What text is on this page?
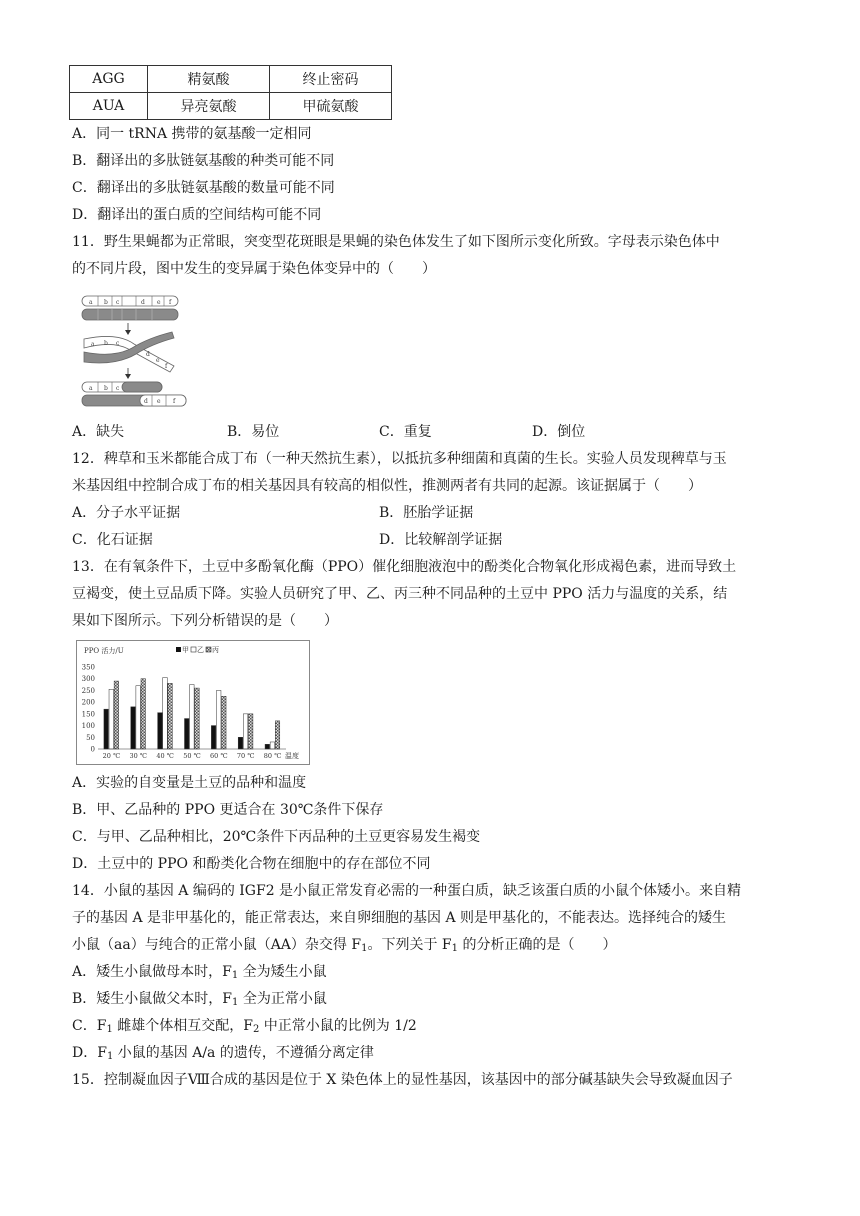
AGG	精氨酸	终止密码
AUA	异亮氨酸	甲硫氨酸
A．同一 tRNA 携带的氨基酸一定相同
B．翻译出的多肽链氨基酸的种类可能不同
C．翻译出的多肽链氨基酸的数量可能不同
D．翻译出的蛋白质的空间结构可能不同
11．野生果蝇都为正常眼，突变型花斑眼是果蝇的染色体发生了如下图所示变化所致。字母表示染色体中
的不同片段，图中发生的变异属于染色体变异中的（　　）
a b c	d e f
a b c
d
e
f
a b c
d e f
A．缺失	B．易位	C．重复	D．倒位
12．稗草和玉米都能合成丁布（一种天然抗生素），以抵抗多种细菌和真菌的生长。实验人员发现稗草与玉
米基因组中控制合成丁布的相关基因具有较高的相似性，推测两者有共同的起源。该证据属于（　　）
A．分子水平证据	B．胚胎学证据
C．化石证据	D．比较解剖学证据
13．在有氧条件下，土豆中多酚氧化酶（PPO）催化细胞液泡中的酚类化合物氧化形成褐色素，进而导致土
豆褐变，使土豆品质下降。实验人员研究了甲、乙、丙三种不同品种的土豆中 PPO 活力与温度的关系，结
果如下图所示。下列分析错误的是（　　）
PPO 活力/U	甲 乙 丙
350
300
250
200
150
100
50
0
20 ℃ 30 ℃ 40 ℃ 50 ℃ 60 ℃ 70 ℃ 80 ℃ 温度
A．实验的自变量是土豆的品种和温度
B．甲、乙品种的 PPO 更适合在 30℃条件下保存
C．与甲、乙品种相比，20℃条件下丙品种的土豆更容易发生褐变
D．土豆中的 PPO 和酚类化合物在细胞中的存在部位不同
14．小鼠的基因 A 编码的 IGF2 是小鼠正常发育必需的一种蛋白质，缺乏该蛋白质的小鼠个体矮小。来自精
子的基因 A 是非甲基化的，能正常表达，来自卵细胞的基因 A 则是甲基化的，不能表达。选择纯合的矮生
小鼠（aa）与纯合的正常小鼠（AA）杂交得 $F_1$。下列关于 $F_1$ 的分析正确的是（　　）
A．矮生小鼠做母本时，$F_1$ 全为矮生小鼠
B．矮生小鼠做父本时，$F_1$ 全为正常小鼠
C．$F_1$ 雌雄个体相互交配，$F_2$ 中正常小鼠的比例为 1/2
D．$F_1$ 小鼠的基因 A/a 的遗传，不遵循分离定律
15．控制凝血因子Ⅷ合成的基因是位于 X 染色体上的显性基因，该基因中的部分碱基缺失会导致凝血因子
